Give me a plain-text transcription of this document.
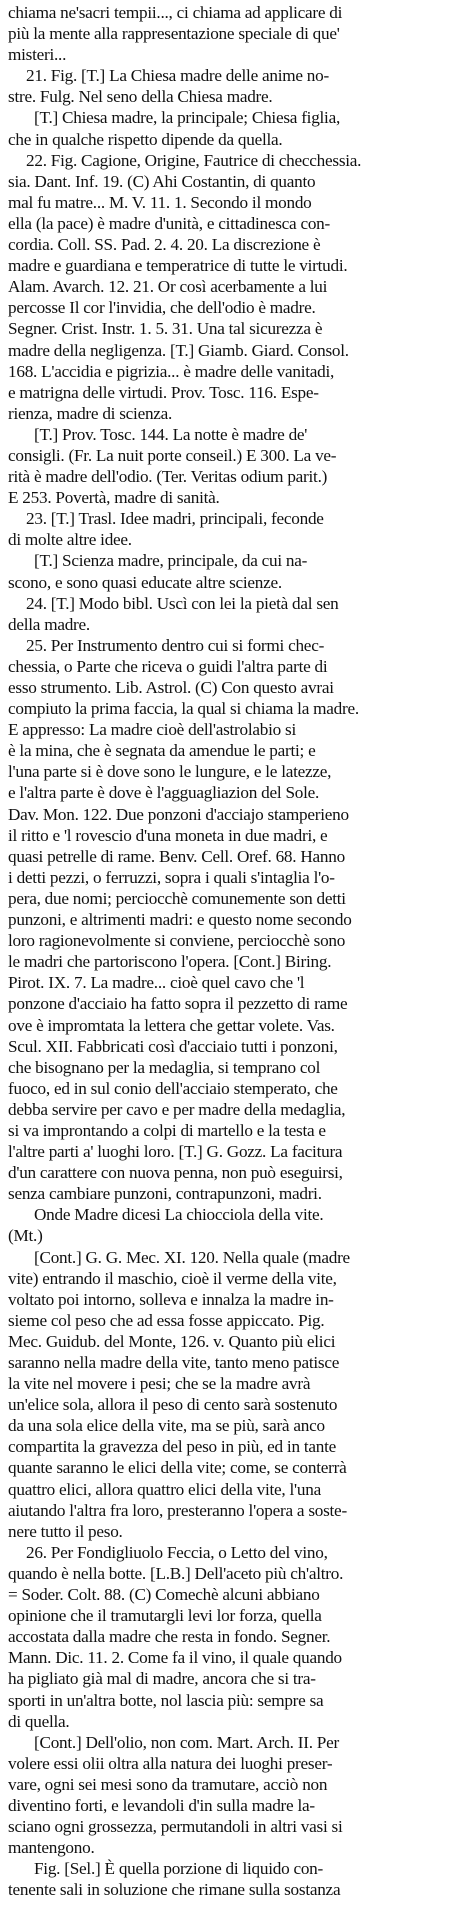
chiama ne'sacri tempii..., ci chiama ad applicare di
più la mente alla rappresentazione speciale di que'
misteri...
21. Fig. [T.] La Chiesa madre delle anime no-
stre. Fulg. Nel seno della Chiesa madre.
[T.] Chiesa madre, la principale; Chiesa figlia,
che in qualche rispetto dipende da quella.
22. Fig. Cagione, Origine, Fautrice di checchessia.
sia. Dant. Inf. 19. (C) Ahi Costantin, di quanto
mal fu matre... M. V. 11. 1. Secondo il mondo
ella (la pace) è madre d'unità, e cittadinesca con-
cordia. Coll. SS. Pad. 2. 4. 20. La discrezione è
madre e guardiana e temperatrice di tutte le virtudi.
Alam. Avarch. 12. 21. Or così acerbamente a lui
percosse Il cor l'invidia, che dell'odio è madre.
Segner. Crist. Instr. 1. 5. 31. Una tal sicurezza è
madre della negligenza. [T.] Giamb. Giard. Consol.
168. L'accidia e pigrizia... è madre delle vanitadi,
e matrigna delle virtudi. Prov. Tosc. 116. Espe-
rienza, madre di scienza.
[T.] Prov. Tosc. 144. La notte è madre de'
consigli. (Fr. La nuit porte conseil.) E 300. La ve-
rità è madre dell'odio. (Ter. Veritas odium parit.)
E 253. Povertà, madre di sanità.
23. [T.] Trasl. Idee madri, principali, feconde
di molte altre idee.
[T.] Scienza madre, principale, da cui na-
scono, e sono quasi educate altre scienze.
24. [T.] Modo bibl. Uscì con lei la pietà dal sen
della madre.
25. Per Instrumento dentro cui si formi chec-
chessia, o Parte che riceva o guidi l'altra parte di
esso strumento. Lib. Astrol. (C) Con questo avrai
compiuto la prima faccia, la qual si chiama la madre.
E appresso: La madre cioè dell'astrolabio si
è la mina, che è segnata da amendue le parti; e
l'una parte si è dove sono le lungure, e le latezze,
e l'altra parte è dove è l'agguagliazion del Sole.
Dav. Mon. 122. Due ponzoni d'acciajo stamperieno
il ritto e 'l rovescio d'una moneta in due madri, e
quasi petrelle di rame. Benv. Cell. Oref. 68. Hanno
i detti pezzi, o ferruzzi, sopra i quali s'intaglia l'o-
pera, due nomi; perciocchè comunemente son detti
punzoni, e altrimenti madri: e questo nome secondo
loro ragionevolmente si conviene, perciocchè sono
le madri che partoriscono l'opera. [Cont.] Biring.
Pirot. IX. 7. La madre... cioè quel cavo che 'l
ponzone d'acciaio ha fatto sopra il pezzetto di rame
ove è impromtata la lettera che gettar volete. Vas.
Scul. XII. Fabbricati così d'acciaio tutti i ponzoni,
che bisognano per la medaglia, si temprano col
fuoco, ed in sul conio dell'acciaio stemperato, che
debba servire per cavo e per madre della medaglia,
si va improntando a colpi di martello e la testa e
l'altre parti a' luoghi loro. [T.] G. Gozz. La facitura
d'un carattere con nuova penna, non può eseguirsi,
senza cambiare punzoni, contrapunzoni, madri.
Onde Madre dicesi La chiocciola della vite.
(Mt.)
[Cont.] G. G. Mec. XI. 120. Nella quale (madre
vite) entrando il maschio, cioè il verme della vite,
voltato poi intorno, solleva e innalza la madre in-
sieme col peso che ad essa fosse appiccato. Pig.
Mec. Guidub. del Monte, 126. v. Quanto più elici
saranno nella madre della vite, tanto meno patisce
la vite nel movere i pesi; che se la madre avrà
un'elice sola, allora il peso di cento sarà sostenuto
da una sola elice della vite, ma se più, sarà anco
compartita la gravezza del peso in più, ed in tante
quante saranno le elici della vite; come, se conterrà
quattro elici, allora quattro elici della vite, l'una
aiutando l'altra fra loro, presteranno l'opera a soste-
nere tutto il peso.
26. Per Fondigliuolo Feccia, o Letto del vino,
quando è nella botte. [L.B.] Dell'aceto più ch'altro.
= Soder. Colt. 88. (C) Comechè alcuni abbiano
opinione che il tramutargli levi lor forza, quella
accostata dalla madre che resta in fondo. Segner.
Mann. Dic. 11. 2. Come fa il vino, il quale quando
ha pigliato già mal di madre, ancora che si tra-
sporti in un'altra botte, nol lascia più: sempre sa
di quella.
[Cont.] Dell'olio, non com. Mart. Arch. II. Per
volere essi olii oltra alla natura dei luoghi preser-
vare, ogni sei mesi sono da tramutare, acciò non
diventino forti, e levandoli d'in sulla madre la-
sciano ogni grossezza, permutandoli in altri vasi si
mantengono.
Fig. [Sel.] È quella porzione di liquido con-
tenente sali in soluzione che rimane sulla sostanza
